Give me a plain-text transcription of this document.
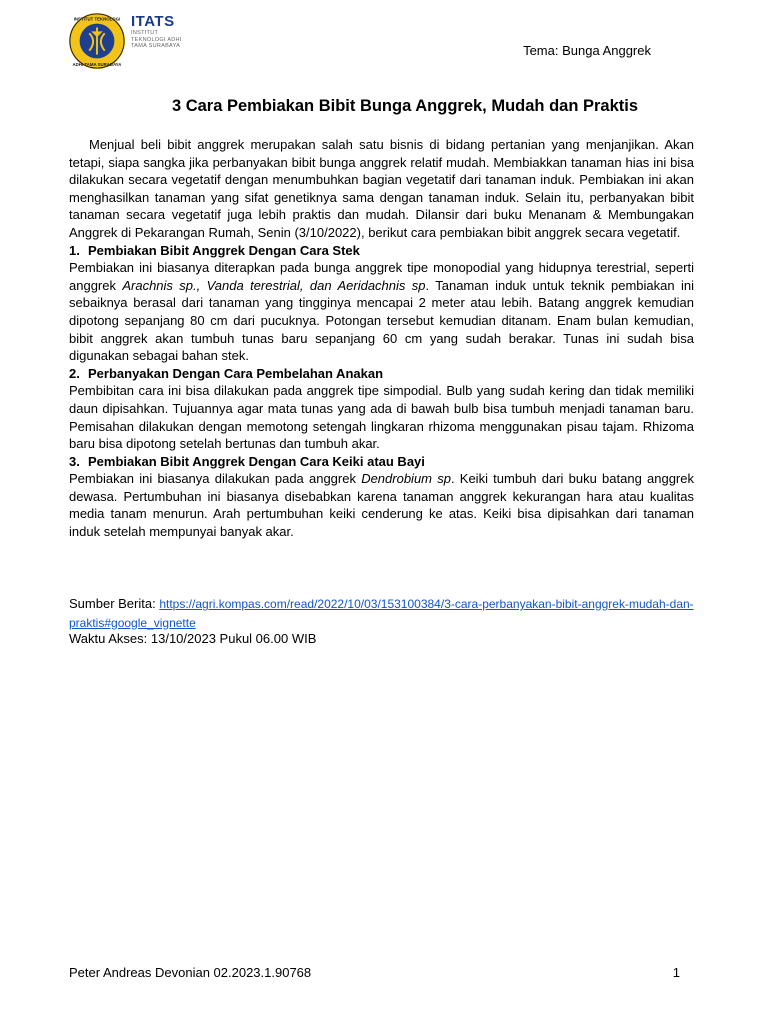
INSTITUT TEKNOLOGI
ADHI TAMA SURABAYA
ITATS
INSTITUT TEKNOLOGI ADHI TAMA SURABAYA	Tema: Bunga Anggrek
3 Cara Pembiakan Bibit Bunga Anggrek, Mudah dan Praktis

Menjual beli bibit anggrek merupakan salah satu bisnis di bidang pertanian yang menjanjikan. Akan tetapi, siapa sangka jika perbanyakan bibit bunga anggrek relatif mudah. Membiakkan tanaman hias ini bisa dilakukan secara vegetatif dengan menumbuhkan bagian vegetatif dari tanaman induk. Pembiakan ini akan menghasilkan tanaman yang sifat genetiknya sama dengan tanaman induk. Selain itu, perbanyakan bibit tanaman secara vegetatif juga lebih praktis dan mudah. Dilansir dari buku Menanam & Membungakan Anggrek di Pekarangan Rumah, Senin (3/10/2022), berikut cara pembiakan bibit anggrek secara vegetatif.

1. Pembiakan Bibit Anggrek Dengan Cara Stek

Pembiakan ini biasanya diterapkan pada bunga anggrek tipe monopodial yang hidupnya terestrial, seperti anggrek Arachnis sp., Vanda terestrial, dan Aeridachnis sp. Tanaman induk untuk teknik pembiakan ini sebaiknya berasal dari tanaman yang tingginya mencapai 2 meter atau lebih. Batang anggrek kemudian dipotong sepanjang 80 cm dari pucuknya. Potongan tersebut kemudian ditanam. Enam bulan kemudian, bibit anggrek akan tumbuh tunas baru sepanjang 60 cm yang sudah berakar. Tunas ini sudah bisa digunakan sebagai bahan stek.

2. Perbanyakan Dengan Cara Pembelahan Anakan

Pembibitan cara ini bisa dilakukan pada anggrek tipe simpodial. Bulb yang sudah kering dan tidak memiliki daun dipisahkan. Tujuannya agar mata tunas yang ada di bawah bulb bisa tumbuh menjadi tanaman baru. Pemisahan dilakukan dengan memotong setengah lingkaran rhizoma menggunakan pisau tajam. Rhizoma baru bisa dipotong setelah bertunas dan tumbuh akar.

3. Pembiakan Bibit Anggrek Dengan Cara Keiki atau Bayi

Pembiakan ini biasanya dilakukan pada anggrek Dendrobium sp. Keiki tumbuh dari buku batang anggrek dewasa. Pertumbuhan ini biasanya disebabkan karena tanaman anggrek kekurangan hara atau kualitas media tanam menurun. Arah pertumbuhan keiki cenderung ke atas. Keiki bisa dipisahkan dari tanaman induk setelah mempunyai banyak akar.

Sumber Berita: https://agri.kompas.com/read/2022/10/03/153100384/3-cara-perbanyakan-bibit-anggrek-mudah-dan-praktis#google_vignette
Waktu Akses: 13/10/2023 Pukul 06.00 WIB
Peter Andreas Devonian 02.2023.1.90768	1
